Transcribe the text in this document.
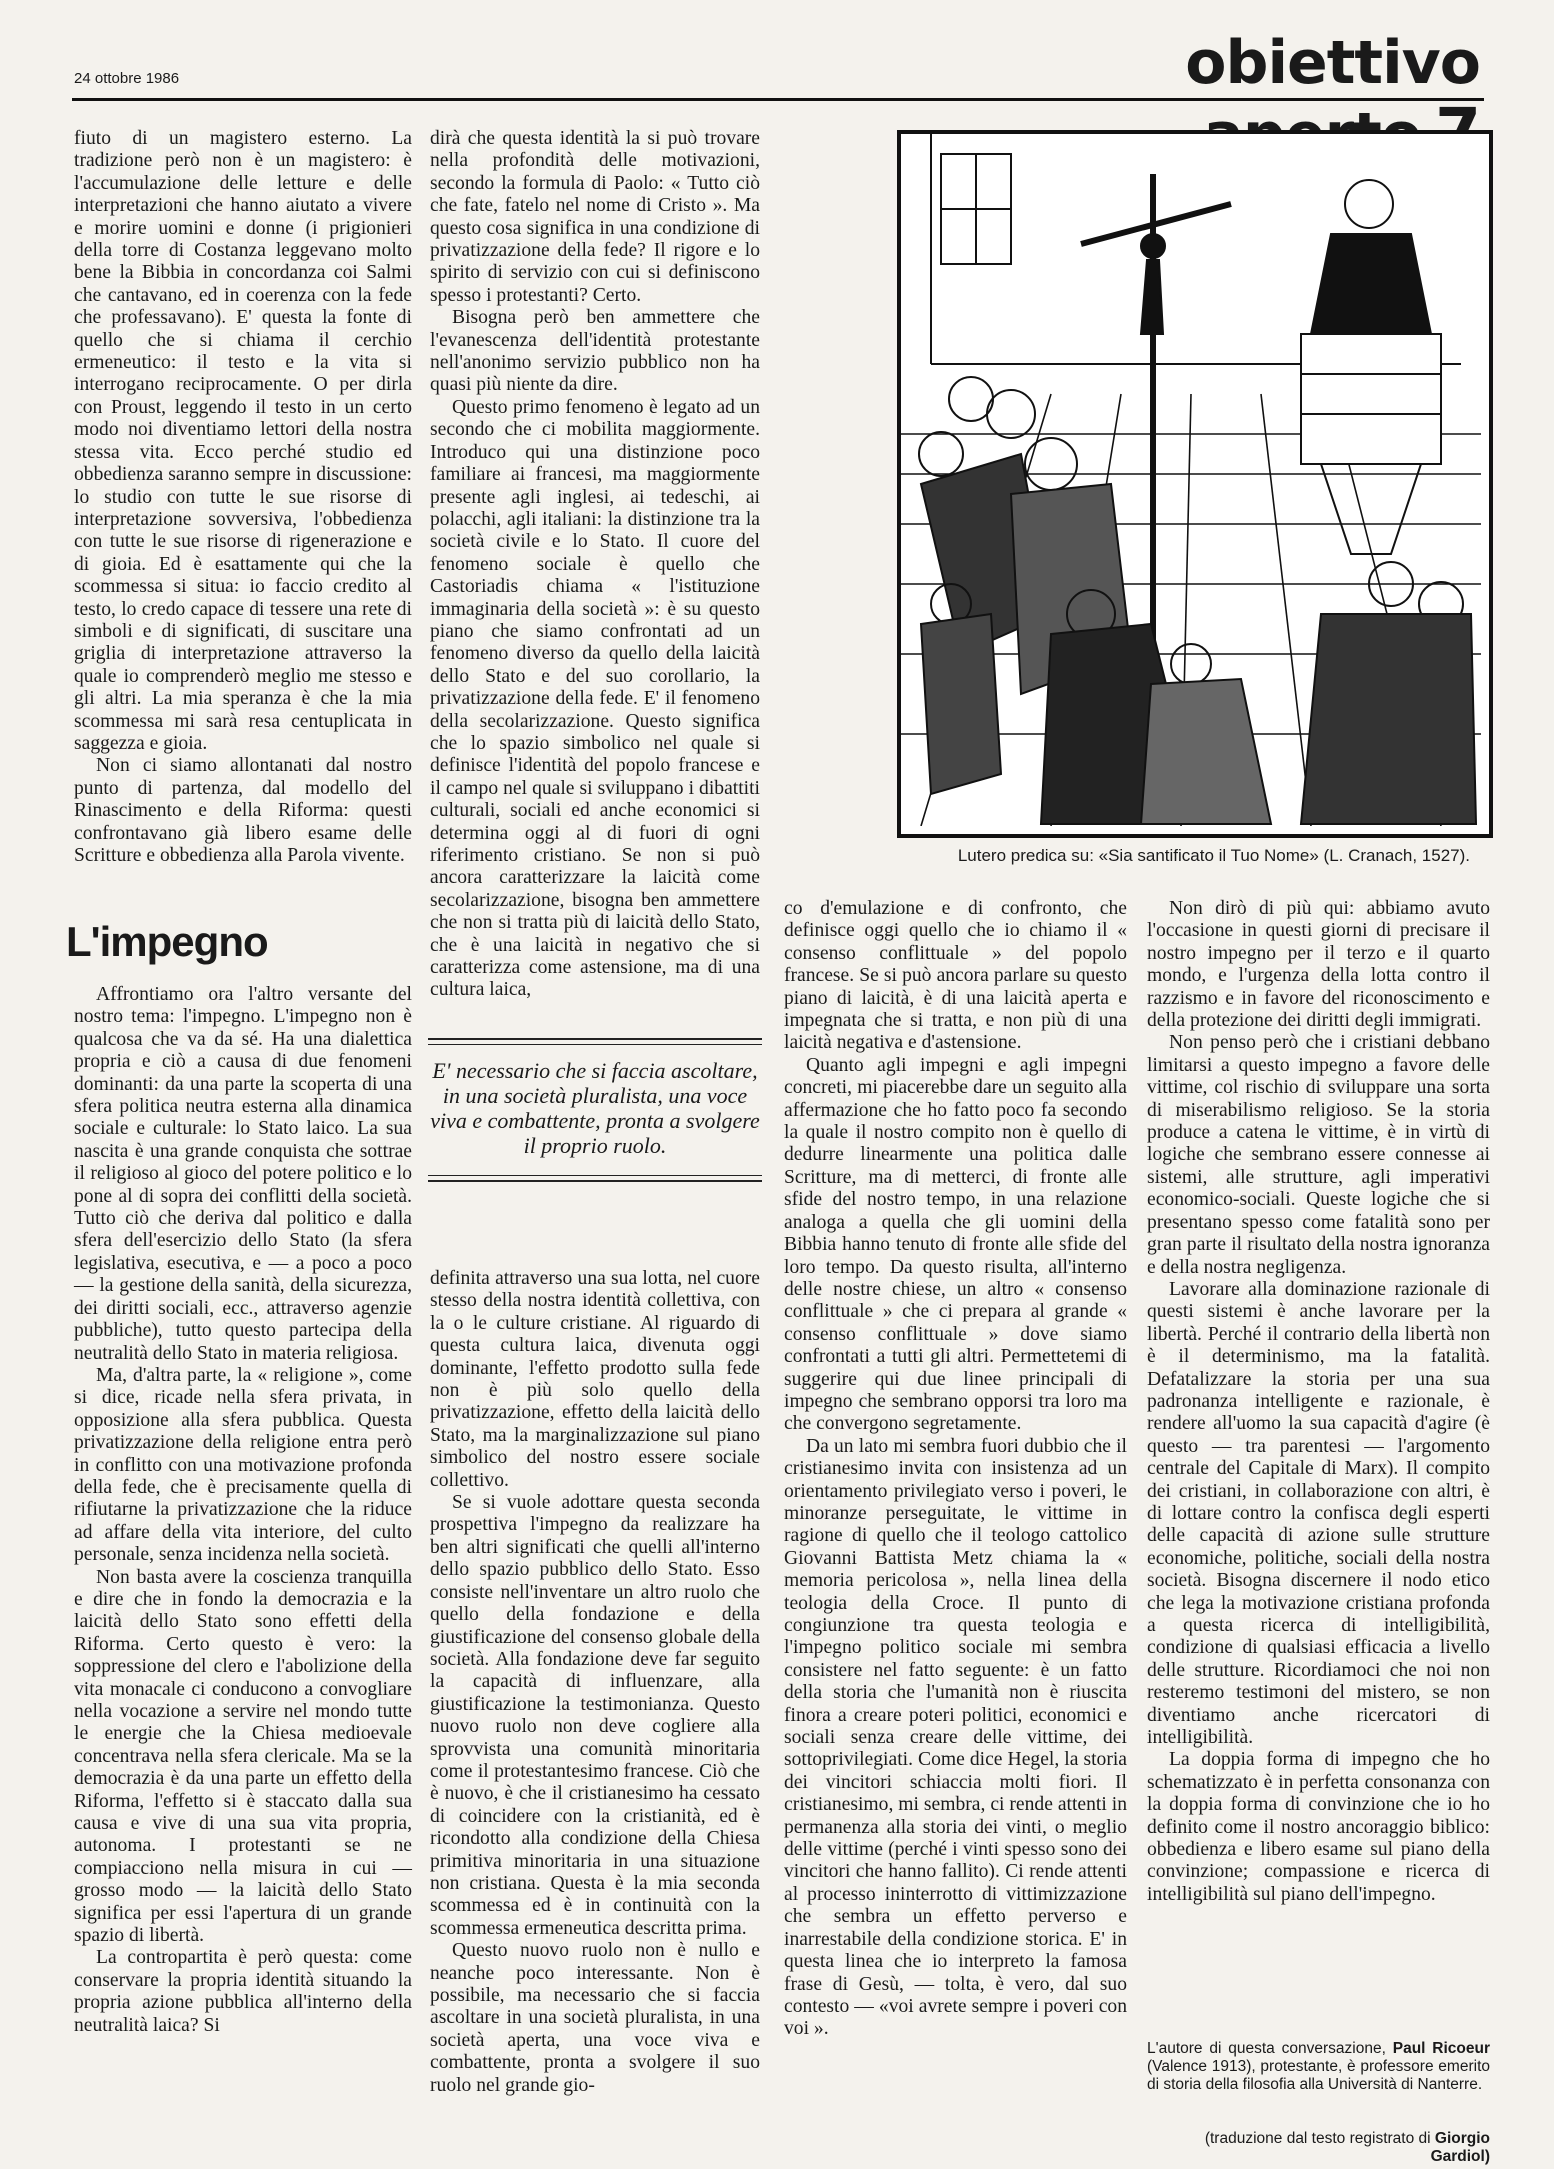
24 ottobre 1986	obiettivo

fiuto di un magistero esterno. La tradizione però non è un magistero: è l'accumulazione delle letture e delle interpretazioni che hanno aiutato a vivere e morire uomini e donne (i prigionieri della torre di Costanza leggevano molto bene la Bibbia in concordanza coi Salmi che cantavano, ed in coerenza con la fede che professavano). E' questa la fonte di quello che si chiama il cerchio ermeneutico: il testo e la vita si interrogano reciprocamente. O per dirla con Proust, leggendo il testo in un certo modo noi diventiamo lettori della nostra stessa vita. Ecco perché studio ed obbedienza saranno sempre in discussione: lo studio con tutte le sue risorse di interpretazione sovversiva, l'obbedienza con tutte le sue risorse di rigenerazione e di gioia. Ed è esattamente qui che la scommessa si situa: io faccio credito al testo, lo credo capace di tessere una rete di simboli e di significati, di suscitare una griglia di interpretazione attraverso la quale io comprenderò meglio me stesso e gli altri. La mia speranza è che la mia scommessa mi sarà resa centuplicata in saggezza e gioia.

Non ci siamo allontanati dal nostro punto di partenza, dal modello del Rinascimento e della Riforma: questi confrontavano già libero esame delle Scritture e obbedienza alla Parola vivente.

L'impegno

Affrontiamo ora l'altro versante del nostro tema: l'impegno. L'impegno non è qualcosa che va da sé. Ha una dialettica propria e ciò a causa di due fenomeni dominanti: da una parte la scoperta di una sfera politica neutra esterna alla dinamica sociale e culturale: lo Stato laico. La sua nascita è una grande conquista che sottrae il religioso al gioco del potere politico e lo pone al di sopra dei conflitti della società. Tutto ciò che deriva dal politico e dalla sfera dell'esercizio dello Stato (la sfera legislativa, esecutiva, e — a poco a poco — la gestione della sanità, della sicurezza, dei diritti sociali, ecc., attraverso agenzie pubbliche), tutto questo partecipa della neutralità dello Stato in materia religiosa.

Ma, d'altra parte, la « religione », come si dice, ricade nella sfera privata, in opposizione alla sfera pubblica. Questa privatizzazione della religione entra però in conflitto con una motivazione profonda della fede, che è precisamente quella di rifiutarne la privatizzazione che la riduce ad affare della vita interiore, del culto personale, senza incidenza nella società.

Non basta avere la coscienza tranquilla e dire che in fondo la democrazia e la laicità dello Stato sono effetti della Riforma. Certo questo è vero: la soppressione del clero e l'abolizione della vita monacale ci conducono a convogliare nella vocazione a servire nel mondo tutte le energie che la Chiesa medioevale concentrava nella sfera clericale. Ma se la democrazia è da una parte un effetto della Riforma, l'effetto si è staccato dalla sua causa e vive di una sua vita propria, autonoma. I protestanti se ne compiacciono nella misura in cui — grosso modo — la laicità dello Stato significa per essi l'apertura di un grande spazio di libertà.

La contropartita è però questa: come conservare la propria identità situando la propria azione pubblica all'interno della neutralità laica? Si

dirà che questa identità la si può trovare nella profondità delle motivazioni, secondo la formula di Paolo: « Tutto ciò che fate, fatelo nel nome di Cristo ». Ma questo cosa significa in una condizione di privatizzazione della fede? Il rigore e lo spirito di servizio con cui si definiscono spesso i protestanti? Certo.

Bisogna però ben ammettere che l'evanescenza dell'identità protestante nell'anonimo servizio pubblico non ha quasi più niente da dire.

Questo primo fenomeno è legato ad un secondo che ci mobilita maggiormente. Introduco qui una distinzione poco familiare ai francesi, ma maggiormente presente agli inglesi, ai tedeschi, ai polacchi, agli italiani: la distinzione tra la società civile e lo Stato. Il cuore del fenomeno sociale è quello che Castoriadis chiama « l'istituzione immaginaria della società »: è su questo piano che siamo confrontati ad un fenomeno diverso da quello della laicità dello Stato e del suo corollario, la privatizzazione della fede. E' il fenomeno della secolarizzazione. Questo significa che lo spazio simbolico nel quale si definisce l'identità del popolo francese e il campo nel quale si sviluppano i dibattiti culturali, sociali ed anche economici si determina oggi al di fuori di ogni riferimento cristiano. Se non si può ancora caratterizzare la laicità come secolarizzazione, bisogna ben ammettere che non si tratta più di laicità dello Stato, che è una laicità in negativo che si caratterizza come astensione, ma di una cultura laica,

E' necessario che si faccia ascoltare, in una società pluralista, una voce viva e combattente, pronta a svolgere il proprio ruolo.

definita attraverso una sua lotta, nel cuore stesso della nostra identità collettiva, con la o le culture cristiane. Al riguardo di questa cultura laica, divenuta oggi dominante, l'effetto prodotto sulla fede non è più solo quello della privatizzazione, effetto della laicità dello Stato, ma la marginalizzazione sul piano simbolico del nostro essere sociale collettivo.

Se si vuole adottare questa seconda prospettiva l'impegno da realizzare ha ben altri significati che quelli all'interno dello spazio pubblico dello Stato. Esso consiste nell'inventare un altro ruolo che quello della fondazione e della giustificazione del consenso globale della società. Alla fondazione deve far seguito la capacità di influenzare, alla giustificazione la testimonianza. Questo nuovo ruolo non deve cogliere alla sprovvista una comunità minoritaria come il protestantesimo francese. Ciò che è nuovo, è che il cristianesimo ha cessato di coincidere con la cristianità, ed è ricondotto alla condizione della Chiesa primitiva minoritaria in una situazione non cristiana. Questa è la mia seconda scommessa ed è in continuità con la scommessa ermeneutica descritta prima.

Questo nuovo ruolo non è nullo e neanche poco interessante. Non è possibile, ma necessario che si faccia ascoltare in una società pluralista, in una società aperta, una voce viva e combattente, pronta a svolgere il suo ruolo nel grande gio-

Lutero predica su: «Sia santificato il Tuo Nome» (L. Cranach, 1527).

co d'emulazione e di confronto, che definisce oggi quello che io chiamo il « consenso conflittuale » del popolo francese. Se si può ancora parlare su questo piano di laicità, è di una laicità aperta e impegnata che si tratta, e non più di una laicità negativa e d'astensione.

Quanto agli impegni e agli impegni concreti, mi piacerebbe dare un seguito alla affermazione che ho fatto poco fa secondo la quale il nostro compito non è quello di dedurre linearmente una politica dalle Scritture, ma di metterci, di fronte alle sfide del nostro tempo, in una relazione analoga a quella che gli uomini della Bibbia hanno tenuto di fronte alle sfide del loro tempo. Da questo risulta, all'interno delle nostre chiese, un altro « consenso conflittuale » che ci prepara al grande « consenso conflittuale » dove siamo confrontati a tutti gli altri. Permettetemi di suggerire qui due linee principali di impegno che sembrano opporsi tra loro ma che convergono segretamente.

Da un lato mi sembra fuori dubbio che il cristianesimo invita con insistenza ad un orientamento privilegiato verso i poveri, le minoranze perseguitate, le vittime in ragione di quello che il teologo cattolico Giovanni Battista Metz chiama la « memoria pericolosa », nella linea della teologia della Croce. Il punto di congiunzione tra questa teologia e l'impegno politico sociale mi sembra consistere nel fatto seguente: è un fatto della storia che l'umanità non è riuscita finora a creare poteri politici, economici e sociali senza creare delle vittime, dei sottoprivilegiati. Come dice Hegel, la storia dei vincitori schiaccia molti fiori. Il cristianesimo, mi sembra, ci rende attenti in permanenza alla storia dei vinti, o meglio delle vittime (perché i vinti spesso sono dei vincitori che hanno fallito). Ci rende attenti al processo ininterrotto di vittimizzazione che sembra un effetto perverso e inarrestabile della condizione storica. E' in questa linea che io interpreto la famosa frase di Gesù, — tolta, è vero, dal suo contesto — «voi avrete sempre i poveri con voi ».

Non dirò di più qui: abbiamo avuto l'occasione in questi giorni di precisare il nostro impegno per il terzo e il quarto mondo, e l'urgenza della lotta contro il razzismo e in favore del riconoscimento e della protezione dei diritti degli immigrati.

Non penso però che i cristiani debbano limitarsi a questo impegno a favore delle vittime, col rischio di sviluppare una sorta di miserabilismo religioso. Se la storia produce a catena le vittime, è in virtù di logiche che sembrano essere connesse ai sistemi, alle strutture, agli imperativi economico-sociali. Queste logiche che si presentano spesso come fatalità sono per gran parte il risultato della nostra ignoranza e della nostra negligenza.

Lavorare alla dominazione razionale di questi sistemi è anche lavorare per la libertà. Perché il contrario della libertà non è il determinismo, ma la fatalità. Defatalizzare la storia per una sua padronanza intelligente e razionale, è rendere all'uomo la sua capacità d'agire (è questo — tra parentesi — l'argomento centrale del Capitale di Marx). Il compito dei cristiani, in collaborazione con altri, è di lottare contro la confisca degli esperti delle capacità di azione sulle strutture economiche, politiche, sociali della nostra società. Bisogna discernere il nodo etico che lega la motivazione cristiana profonda a questa ricerca di intelligibilità, condizione di qualsiasi efficacia a livello delle strutture. Ricordiamoci che noi non resteremo testimoni del mistero, se non diventiamo anche ricercatori di intelligibilità.

La doppia forma di impegno che ho schematizzato è in perfetta consonanza con la doppia forma di convinzione che io ho definito come il nostro ancoraggio biblico: obbedienza e libero esame sul piano della convinzione; compassione e ricerca di intelligibilità sul piano dell'impegno.

L'autore di questa conversazione, Paul Ricoeur (Valence 1913), protestante, è professore emerito di storia della filosofia alla Università di Nanterre.
(traduzione dal testo registrato di Giorgio Gardiol)
